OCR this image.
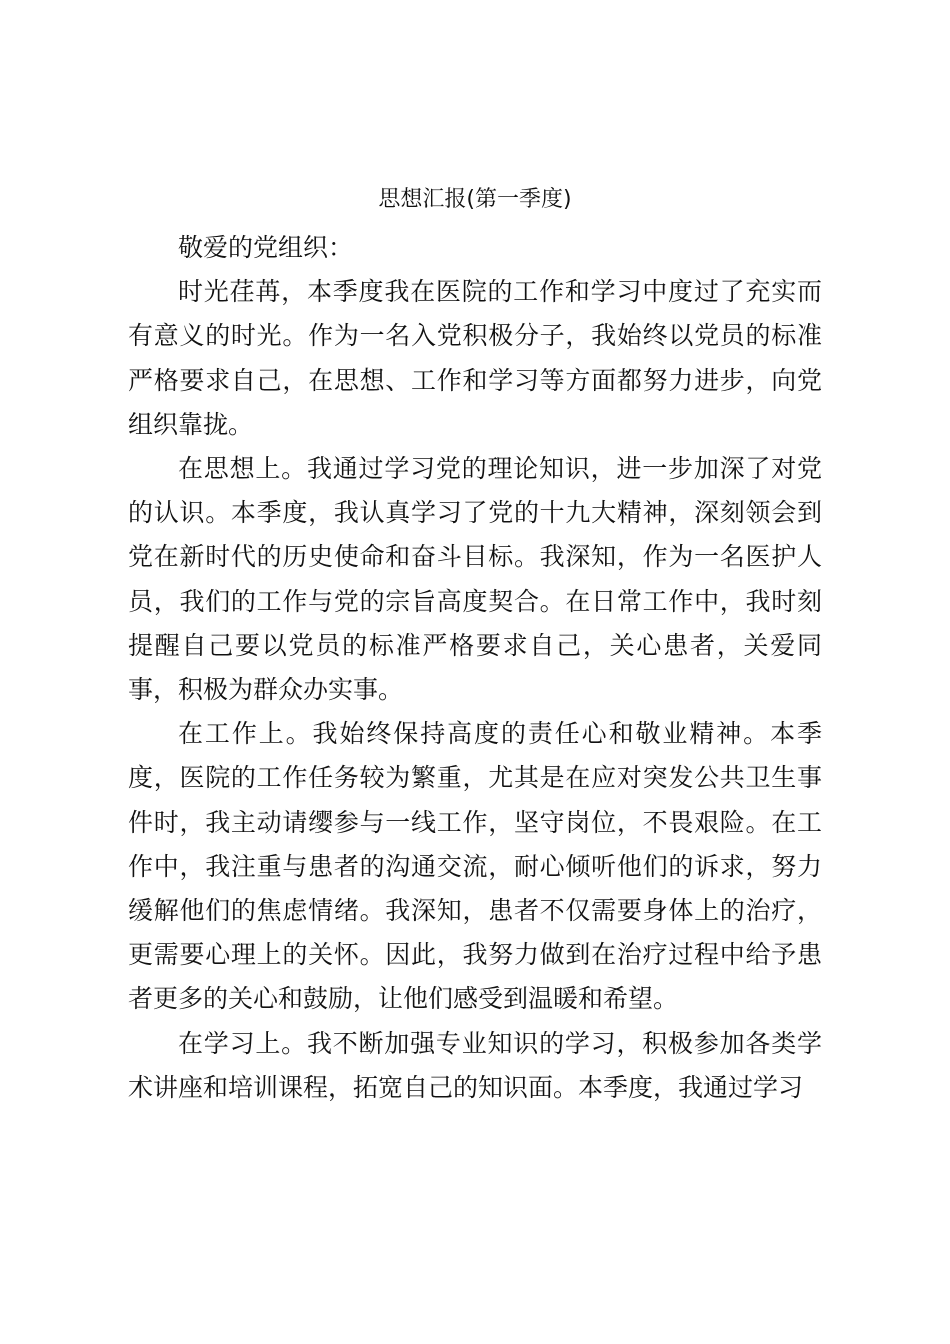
思想汇报(第一季度)

敬爱的党组织：

时光荏苒，本季度我在医院的工作和学习中度过了充实而有意义的时光。作为一名入党积极分子，我始终以党员的标准严格要求自己，在思想、工作和学习等方面都努力进步，向党组织靠拢。

在思想上。我通过学习党的理论知识，进一步加深了对党的认识。本季度，我认真学习了党的十九大精神，深刻领会到党在新时代的历史使命和奋斗目标。我深知，作为一名医护人员，我们的工作与党的宗旨高度契合。在日常工作中，我时刻提醒自己要以党员的标准严格要求自己，关心患者，关爱同事，积极为群众办实事。

在工作上。我始终保持高度的责任心和敬业精神。本季度，医院的工作任务较为繁重，尤其是在应对突发公共卫生事件时，我主动请缨参与一线工作，坚守岗位，不畏艰险。在工作中，我注重与患者的沟通交流，耐心倾听他们的诉求，努力缓解他们的焦虑情绪。我深知，患者不仅需要身体上的治疗，更需要心理上的关怀。因此，我努力做到在治疗过程中给予患者更多的关心和鼓励，让他们感受到温暖和希望。

在学习上。我不断加强专业知识的学习，积极参加各类学术讲座和培训课程，拓宽自己的知识面。本季度，我通过学习
